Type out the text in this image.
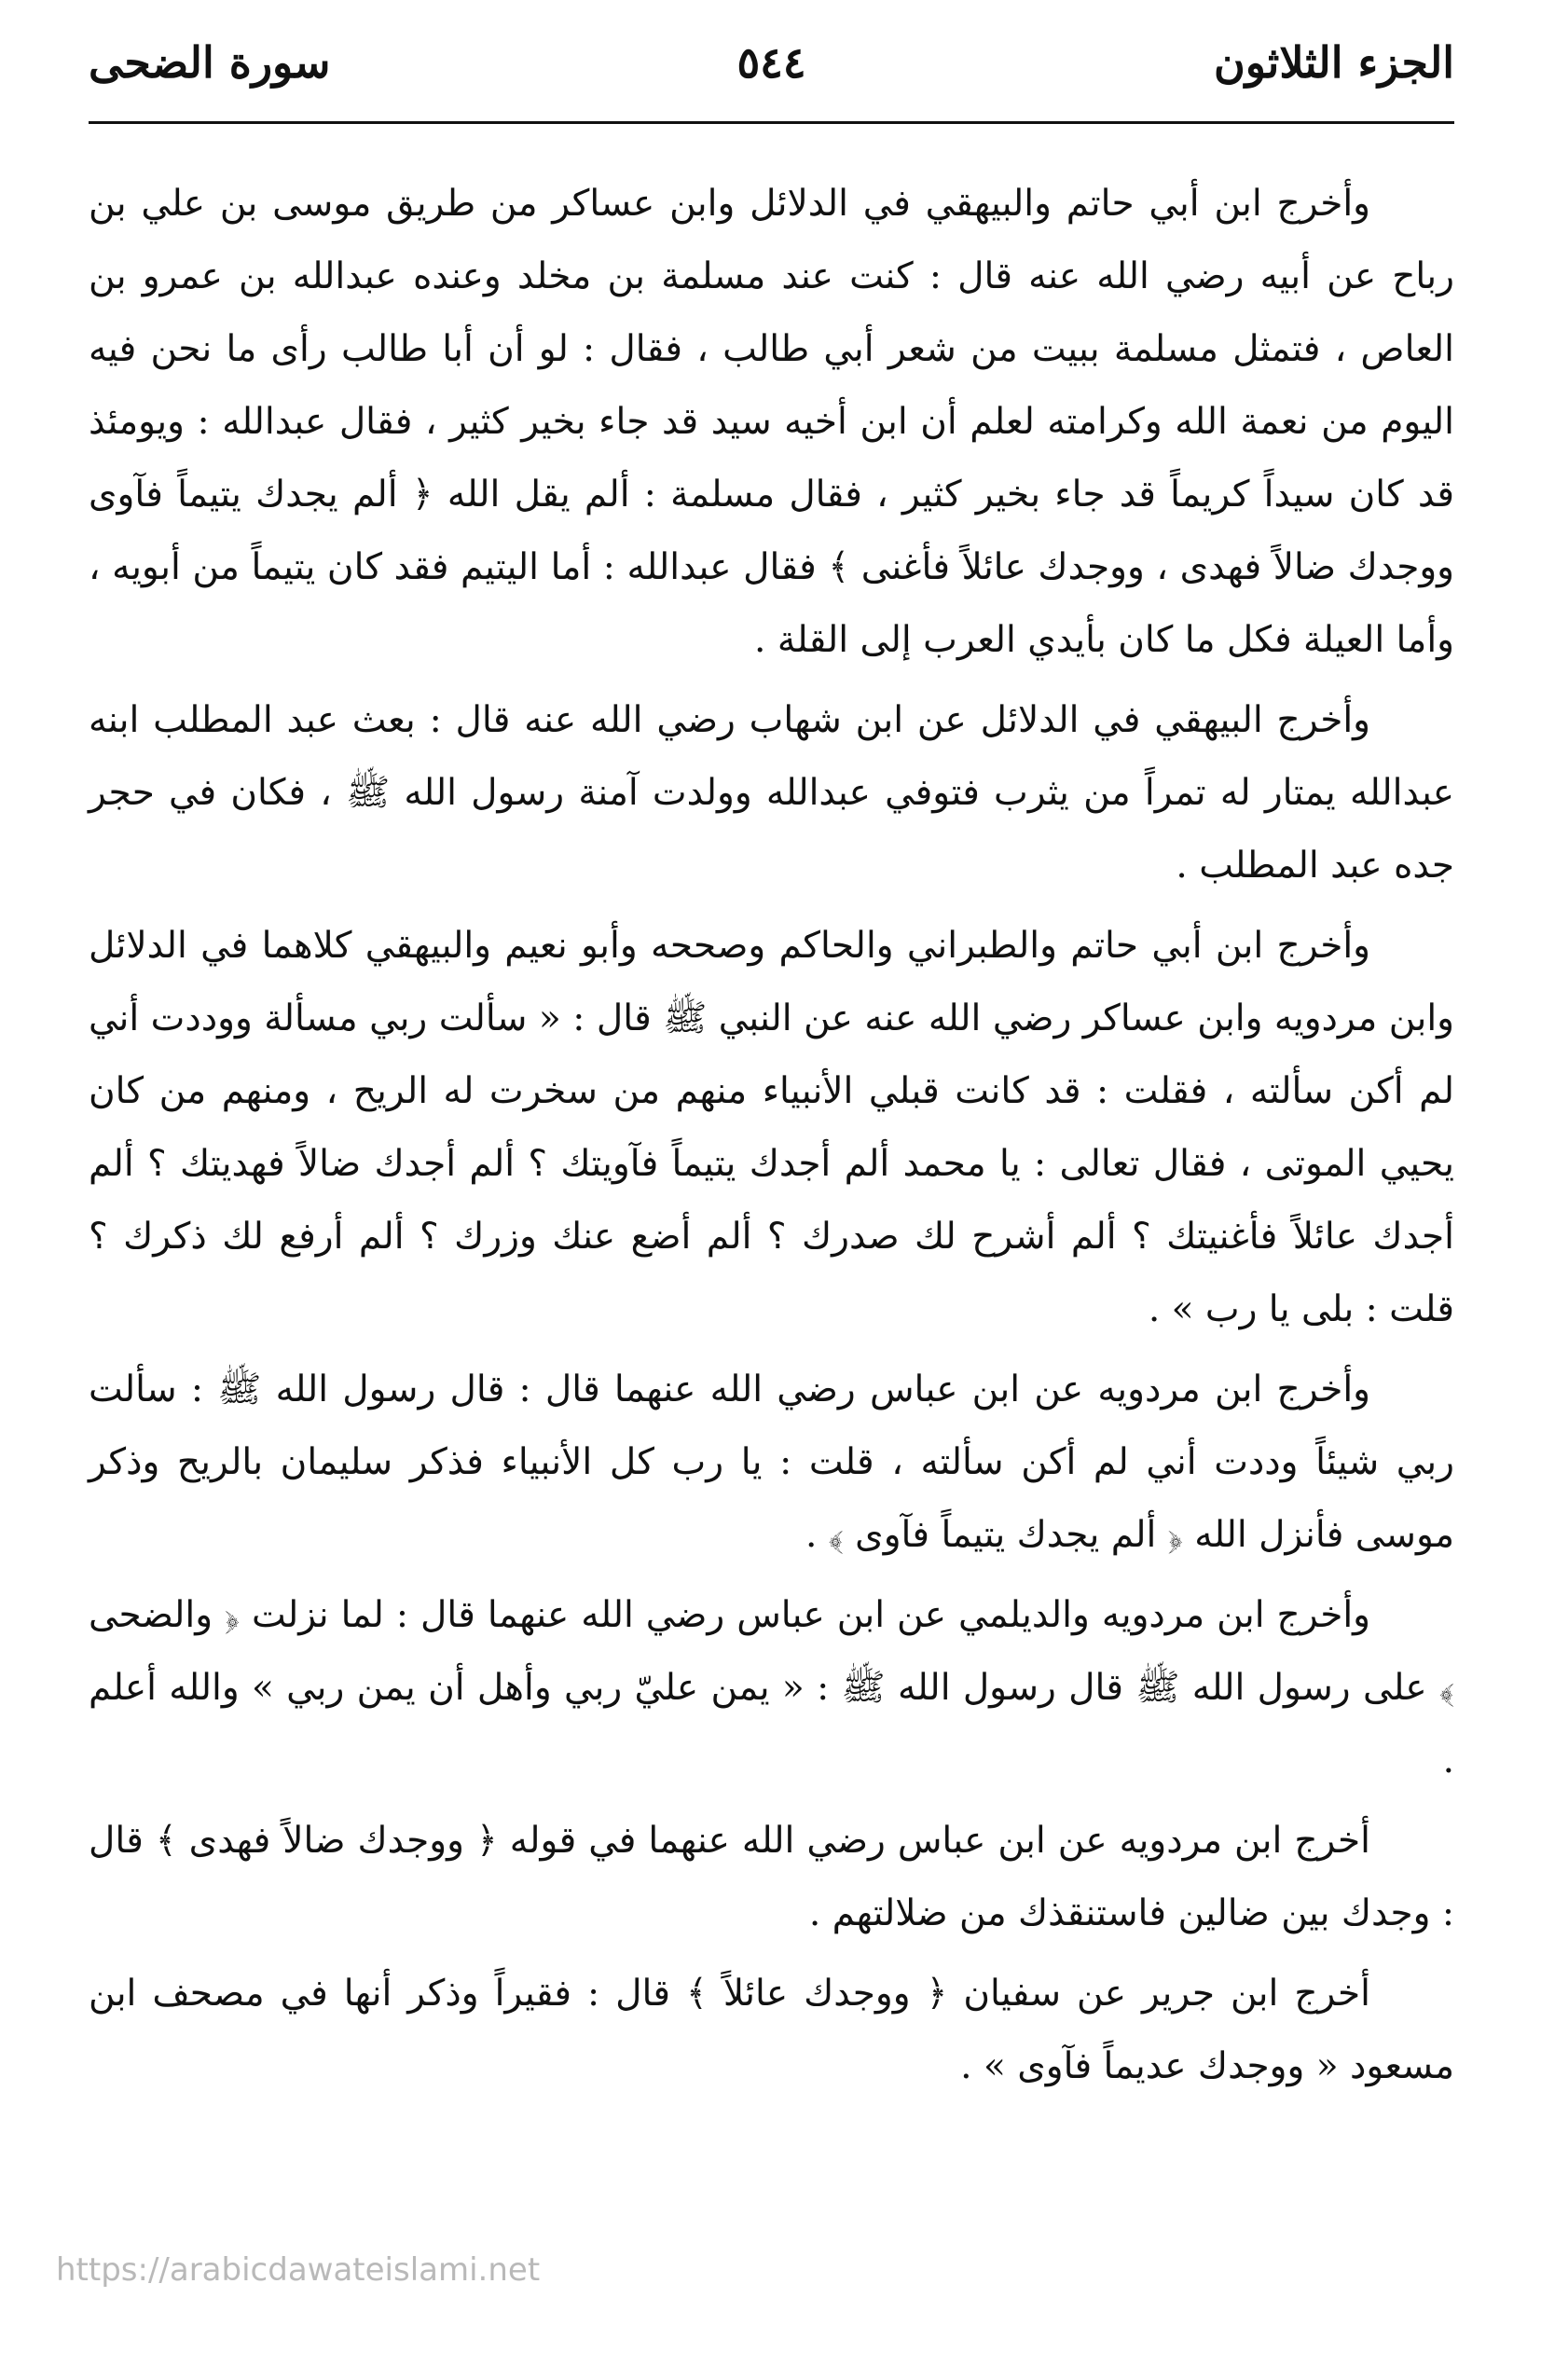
الجزء الثلاثون
٥٤٤
سورة الضحى

وأخرج ابن أبي حاتم والبيهقي في الدلائل وابن عساكر من طريق موسى بن علي بن رباح عن أبيه رضي الله عنه قال : كنت عند مسلمة بن مخلد وعنده عبدالله بن عمرو بن العاص ، فتمثل مسلمة ببيت من شعر أبي طالب ، فقال : لو أن أبا طالب رأى ما نحن فيه اليوم من نعمة الله وكرامته لعلم أن ابن أخيه سيد قد جاء بخير كثير ، فقال عبدالله : ويومئذ قد كان سيداً كريماً قد جاء بخير كثير ، فقال مسلمة : ألم يقل الله ﴿ ألم يجدك يتيماً فآوى ووجدك ضالاً فهدى ، ووجدك عائلاً فأغنى ﴾ فقال عبدالله : أما اليتيم فقد كان يتيماً من أبويه ، وأما العيلة فكل ما كان بأيدي العرب إلى القلة .

وأخرج البيهقي في الدلائل عن ابن شهاب رضي الله عنه قال : بعث عبد المطلب ابنه عبدالله يمتار له تمراً من يثرب فتوفي عبدالله وولدت آمنة رسول الله ﷺ ، فكان في حجر جده عبد المطلب .

وأخرج ابن أبي حاتم والطبراني والحاكم وصححه وأبو نعيم والبيهقي كلاهما في الدلائل وابن مردويه وابن عساكر رضي الله عنه عن النبي ﷺ قال : « سألت ربي مسألة ووددت أني لم أكن سألته ، فقلت : قد كانت قبلي الأنبياء منهم من سخرت له الريح ، ومنهم من كان يحيي الموتى ، فقال تعالى : يا محمد ألم أجدك يتيماً فآويتك ؟ ألم أجدك ضالاً فهديتك ؟ ألم أجدك عائلاً فأغنيتك ؟ ألم أشرح لك صدرك ؟ ألم أضع عنك وزرك ؟ ألم أرفع لك ذكرك ؟ قلت : بلى يا رب » .

وأخرج ابن مردويه عن ابن عباس رضي الله عنهما قال : قال رسول الله ﷺ : سألت ربي شيئاً وددت أني لم أكن سألته ، قلت : يا رب كل الأنبياء فذكر سليمان بالريح وذكر موسى فأنزل الله ﴿ ألم يجدك يتيماً فآوى ﴾ .

وأخرج ابن مردويه والديلمي عن ابن عباس رضي الله عنهما قال : لما نزلت ﴿ والضحى ﴾ على رسول الله ﷺ قال رسول الله ﷺ : « يمن عليّ ربي وأهل أن يمن ربي » والله أعلم .

أخرج ابن مردويه عن ابن عباس رضي الله عنهما في قوله ﴿ ووجدك ضالاً فهدى ﴾ قال : وجدك بين ضالين فاستنقذك من ضلالتهم .

أخرج ابن جرير عن سفيان ﴿ ووجدك عائلاً ﴾ قال : فقيراً وذكر أنها في مصحف ابن مسعود « ووجدك عديماً فآوى » .

https://arabicdawateislami.net
